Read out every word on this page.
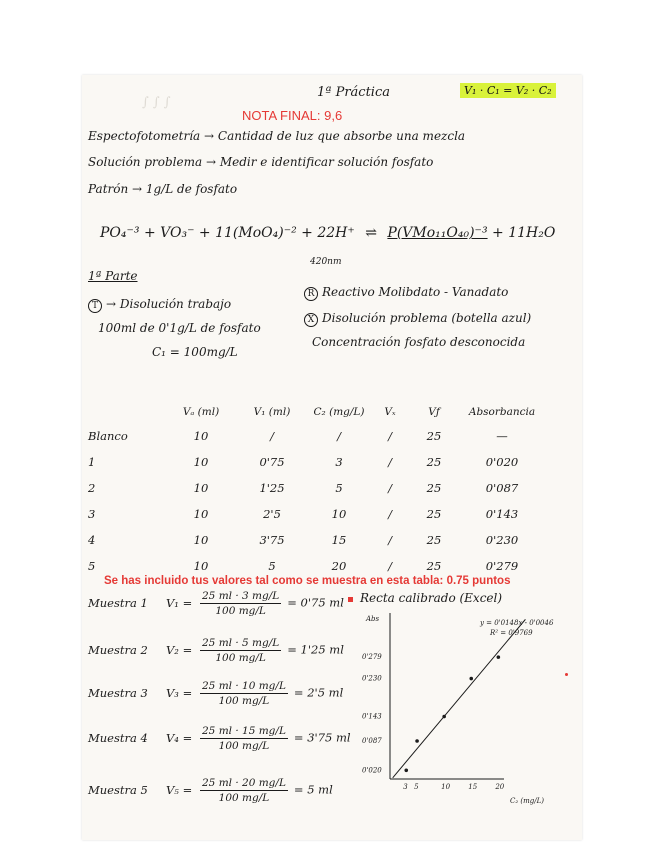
∫ ∫ ∫
1ª Práctica	V₁ · C₁ = V₂ · C₂
NOTA FINAL: 9,6
Espectofotometría → Cantidad de luz que absorbe una mezcla
Solución problema → Medir e identificar solución fosfato
Patrón → 1g/L de fosfato
PO₄⁻³ + VO₃⁻ + 11(MoO₄)⁻² + 22H⁺ ⇌ P(VMo₁₁O₄₀)⁻³ + 11H₂O
420nm
1ª Parte
T → Disolución trabajo
100ml de 0'1g/L de fosfato
C₁ = 100mg/L
R Reactivo Molibdato - Vanadato
X Disolución problema (botella azul)
Concentración fosfato desconocida
	Vₐ (ml)	V₁ (ml)	C₂ (mg/L)	Vₓ	Vƒ	Absorbancia
Blanco	10	/	/	/	25	—
1	10	0'75	3	/	25	0'020
2	10	1'25	5	/	25	0'087
3	10	2'5	10	/	25	0'143
4	10	3'75	15	/	25	0'230
5	10	5	20	/	25	0'279
Se has incluido tus valores tal como se muestra en esta tabla: 0.75 puntos
Muestra 1 $V_1 = \frac{25 ml \cdot 3 mg/L}{100 mg/L} = 0'75$ ml
Muestra 2 $V_2 = \frac{25 ml \cdot 5 mg/L}{100 mg/L} = 1'25$ ml
Muestra 3 $V_3 = \frac{25 ml \cdot 10 mg/L}{100 mg/L} = 2'5$ ml
Muestra 4 $V_4 = \frac{25 ml \cdot 15 mg/L}{100 mg/L} = 3'75$ ml
Muestra 5 $V_5 = \frac{25 ml \cdot 20 mg/L}{100 mg/L} = 5$ ml
Recta calibrado (Excel)
Abs	y = 0'0148x - 0'0046
R² = 0'9769
C₂ (mg/L)
3
0'020
5
0'087
10
0'143
15
0'230
20
0'279
